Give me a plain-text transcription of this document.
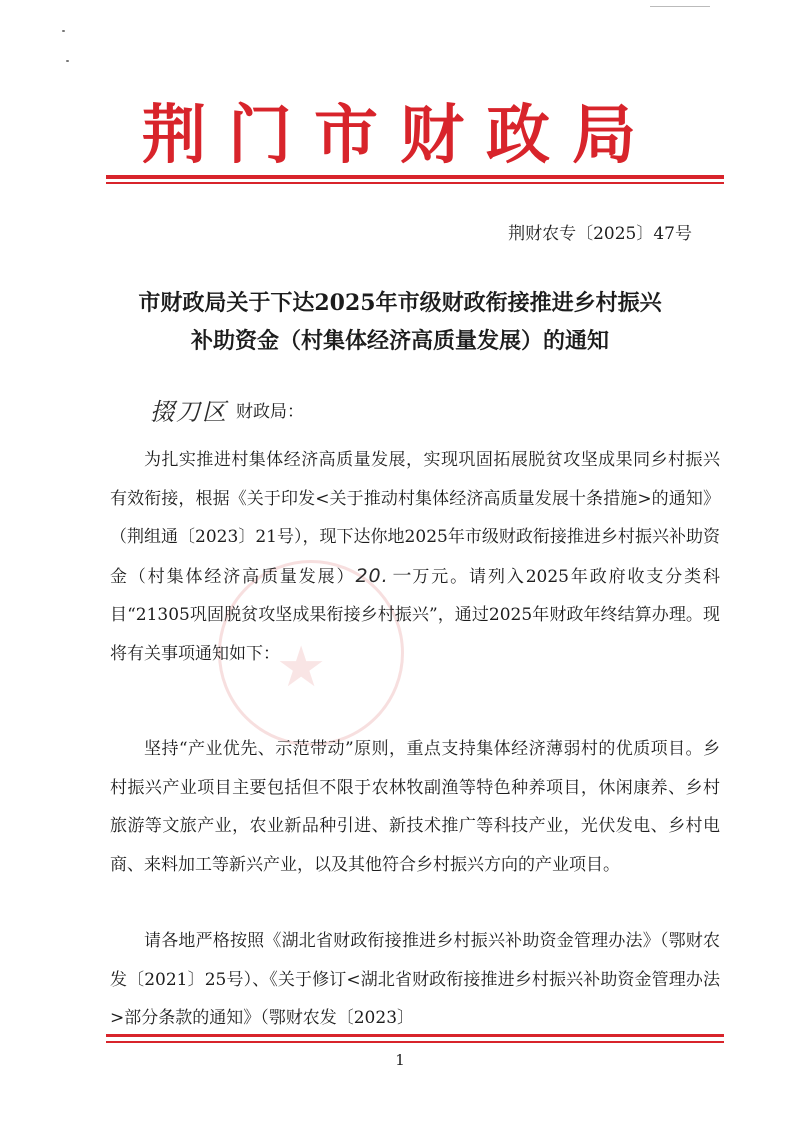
荆门市财政局
荆财农专〔2025〕47号
市财政局关于下达2025年市级财政衔接推进乡村振兴
补助资金（村集体经济高质量发展）的通知
★
掇刀区 财政局：

为扎实推进村集体经济高质量发展，实现巩固拓展脱贫攻坚成果同乡村振兴有效衔接，根据《关于印发<关于推动村集体经济高质量发展十条措施>的通知》（荆组通〔2023〕21号），现下达你地2025年市级财政衔接推进乡村振兴补助资金（村集体经济高质量发展）20.一万元。请列入2025年政府收支分类科目“21305巩固脱贫攻坚成果衔接乡村振兴”，通过2025年财政年终结算办理。现将有关事项通知如下：

坚持“产业优先、示范带动”原则，重点支持集体经济薄弱村的优质项目。乡村振兴产业项目主要包括但不限于农林牧副渔等特色种养项目，休闲康养、乡村旅游等文旅产业，农业新品种引进、新技术推广等科技产业，光伏发电、乡村电商、来料加工等新兴产业，以及其他符合乡村振兴方向的产业项目。

请各地严格按照《湖北省财政衔接推进乡村振兴补助资金管理办法》（鄂财农发〔2021〕25号）、《关于修订<湖北省财政衔接推进乡村振兴补助资金管理办法>部分条款的通知》（鄂财农发〔2023〕

1
